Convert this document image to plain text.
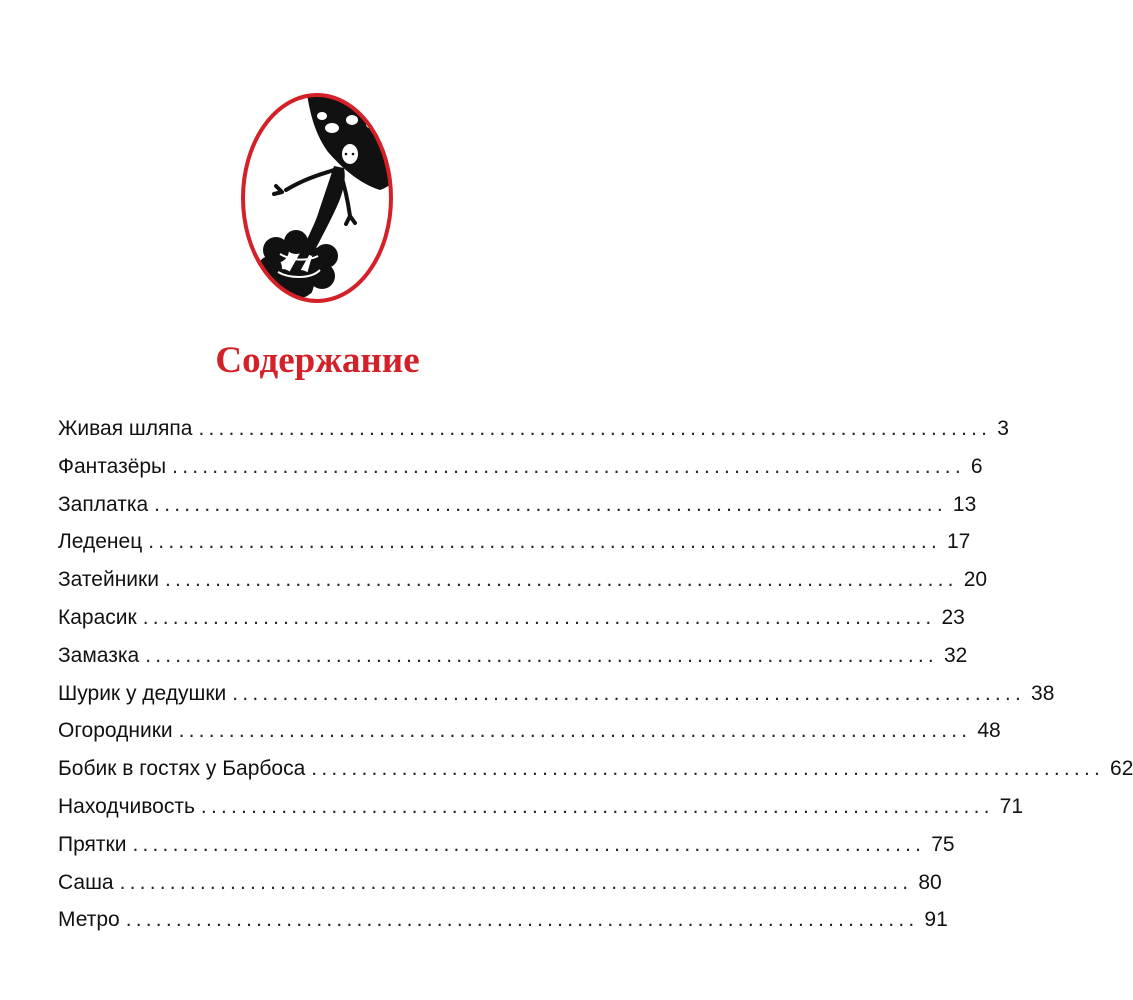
Содержание
Живая шляпа ............................................................................... 3
Фантазёры ............................................................................... 6
Заплатка ............................................................................... 13
Леденец ............................................................................... 17
Затейники ............................................................................... 20
Карасик ............................................................................... 23
Замазка ............................................................................... 32
Шурик у дедушки ............................................................................... 38
Огородники ............................................................................... 48
Бобик в гостях у Барбоса ............................................................................... 62
Находчивость ............................................................................... 71
Прятки ............................................................................... 75
Саша ............................................................................... 80
Метро ............................................................................... 91
